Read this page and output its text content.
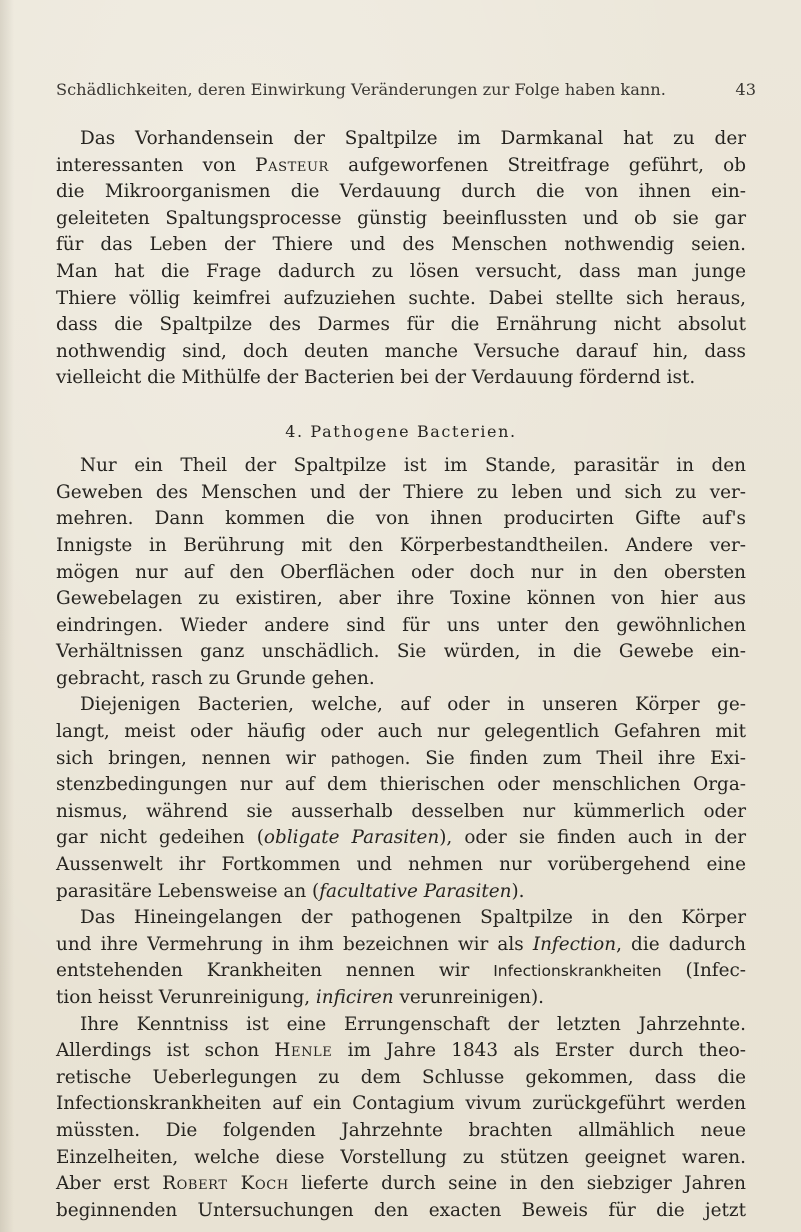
Schädlichkeiten, deren Einwirkung Veränderungen zur Folge haben kann.	43
Das Vorhandensein der Spaltpilze im Darmkanal hat zu der
interessanten von Pasteur aufgeworfenen Streitfrage geführt, ob
die Mikroorganismen die Verdauung durch die von ihnen ein-
geleiteten Spaltungsprocesse günstig beeinflussten und ob sie gar
für das Leben der Thiere und des Menschen nothwendig seien.
Man hat die Frage dadurch zu lösen versucht, dass man junge
Thiere völlig keimfrei aufzuziehen suchte. Dabei stellte sich heraus,
dass die Spaltpilze des Darmes für die Ernährung nicht absolut
nothwendig sind, doch deuten manche Versuche darauf hin, dass
vielleicht die Mithülfe der Bacterien bei der Verdauung fördernd ist.
4. Pathogene Bacterien.
Nur ein Theil der Spaltpilze ist im Stande, parasitär in den
Geweben des Menschen und der Thiere zu leben und sich zu ver-
mehren. Dann kommen die von ihnen producirten Gifte auf's
Innigste in Berührung mit den Körperbestandtheilen. Andere ver-
mögen nur auf den Oberflächen oder doch nur in den obersten
Gewebelagen zu existiren, aber ihre Toxine können von hier aus
eindringen. Wieder andere sind für uns unter den gewöhnlichen
Verhältnissen ganz unschädlich. Sie würden, in die Gewebe ein-
gebracht, rasch zu Grunde gehen.
Diejenigen Bacterien, welche, auf oder in unseren Körper ge-
langt, meist oder häufig oder auch nur gelegentlich Gefahren mit
sich bringen, nennen wir pathogen. Sie finden zum Theil ihre Exi-
stenzbedingungen nur auf dem thierischen oder menschlichen Orga-
nismus, während sie ausserhalb desselben nur kümmerlich oder
gar nicht gedeihen (obligate Parasiten), oder sie finden auch in der
Aussenwelt ihr Fortkommen und nehmen nur vorübergehend eine
parasitäre Lebensweise an (facultative Parasiten).
Das Hineingelangen der pathogenen Spaltpilze in den Körper
und ihre Vermehrung in ihm bezeichnen wir als Infection, die dadurch
entstehenden Krankheiten nennen wir Infectionskrankheiten (Infec-
tion heisst Verunreinigung, inficiren verunreinigen).
Ihre Kenntniss ist eine Errungenschaft der letzten Jahrzehnte.
Allerdings ist schon Henle im Jahre 1843 als Erster durch theo-
retische Ueberlegungen zu dem Schlusse gekommen, dass die
Infectionskrankheiten auf ein Contagium vivum zurückgeführt werden
müssten. Die folgenden Jahrzehnte brachten allmählich neue
Einzelheiten, welche diese Vorstellung zu stützen geeignet waren.
Aber erst Robert Koch lieferte durch seine in den siebziger Jahren
beginnenden Untersuchungen den exacten Beweis für die jetzt
